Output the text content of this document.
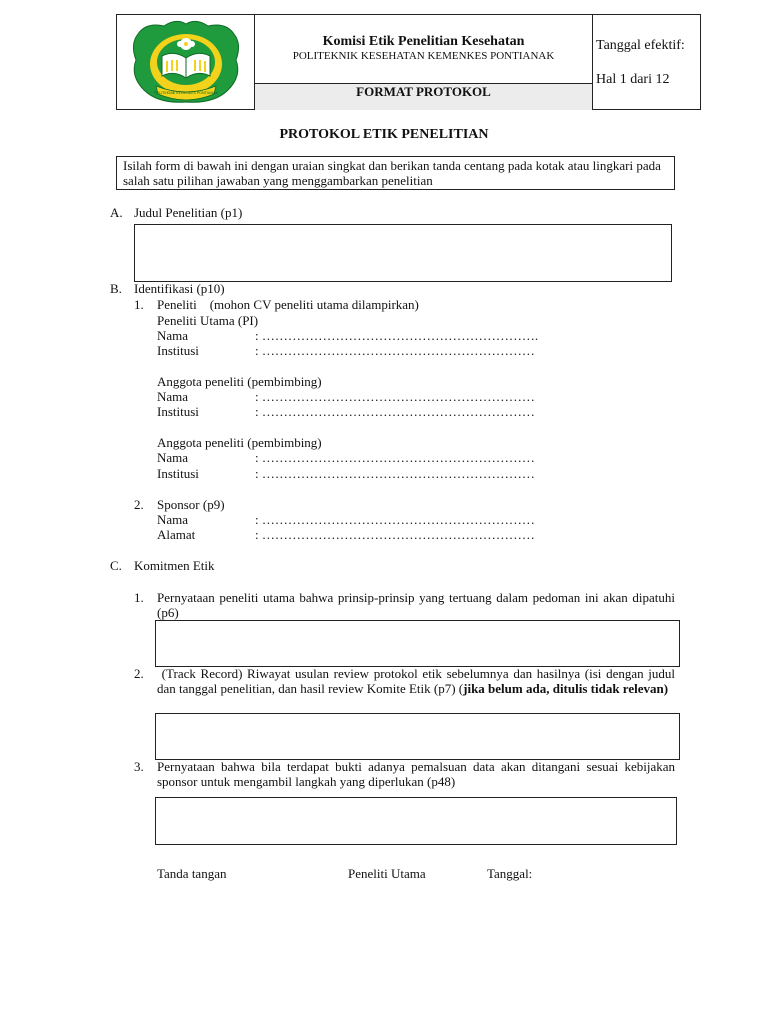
POLITEKNIK KEMENKES PONTIANAK
Komisi Etik Penelitian Kesehatan
POLITEKNIK KESEHATAN KEMENKES PONTIANAK
FORMAT PROTOKOL
Tanggal efektif:
Hal 1 dari 12
PROTOKOL ETIK PENELITIAN
Isilah form di bawah ini dengan uraian singkat dan berikan tanda centang pada kotak atau lingkari pada salah satu pilihan jawaban yang menggambarkan penelitian
A. Judul Penelitian (p1)
B. Identifikasi (p10)
1. Peneliti    (mohon CV peneliti utama dilampirkan)
Peneliti Utama (PI)
Nama	: ……………………………………………………….
Institusi	: ………………………………………………………
Anggota peneliti (pembimbing)
Nama	: ………………………………………………………
Institusi	: ………………………………………………………
Anggota peneliti (pembimbing)
Nama	: ………………………………………………………
Institusi	: ………………………………………………………
2. Sponsor (p9)
Nama	: ………………………………………………………
Alamat	: ………………………………………………………
C. Komitmen Etik
1. Pernyataan peneliti utama bahwa prinsip-prinsip yang tertuang dalam pedoman ini akan dipatuhi (p6)
2. (Track Record) Riwayat usulan review protokol etik sebelumnya dan hasilnya (isi dengan judul dan tanggal penelitian, dan hasil review Komite Etik (p7) (jika belum ada, ditulis tidak relevan)
3. Pernyataan bahwa bila terdapat bukti adanya pemalsuan data akan ditangani sesuai kebijakan sponsor untuk mengambil langkah yang diperlukan (p48)
Tanda tangan	Peneliti Utama	Tanggal:
